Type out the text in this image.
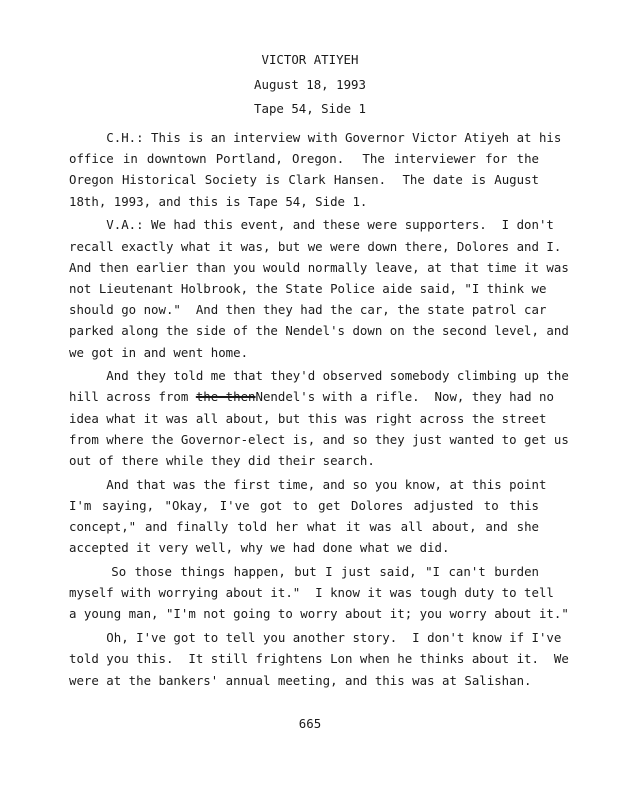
VICTOR ATIYEH
August 18, 1993
Tape 54, Side 1
C.H.: This is an interview with Governor Victor Atiyeh at his
office in downtown Portland, Oregon.  The interviewer for the
Oregon Historical Society is Clark Hansen.  The date is August
18th, 1993, and this is Tape 54, Side 1.
V.A.: We had this event, and these were supporters.  I don't
recall exactly what it was, but we were down there, Dolores and I.
And then earlier than you would normally leave, at that time it was
not Lieutenant Holbrook, the State Police aide said, "I think we
should go now."  And then they had the car, the state patrol car
parked along the side of the Nendel's down on the second level, and
we got in and went home.
And they told me that they'd observed somebody climbing up the
hill across from the thenNendel's with a rifle.  Now, they had no
idea what it was all about, but this was right across the street
from where the Governor-elect is, and so they just wanted to get us
out of there while they did their search.
And that was the first time, and so you know, at this point
I'm saying, "Okay, I've got to get Dolores adjusted to this
concept," and finally told her what it was all about, and she
accepted it very well, why we had done what we did.
So those things happen, but I just said, "I can't burden
myself with worrying about it."  I know it was tough duty to tell
a young man, "I'm not going to worry about it; you worry about it."
Oh, I've got to tell you another story.  I don't know if I've
told you this.  It still frightens Lon when he thinks about it.  We
were at the bankers' annual meeting, and this was at Salishan.
665
